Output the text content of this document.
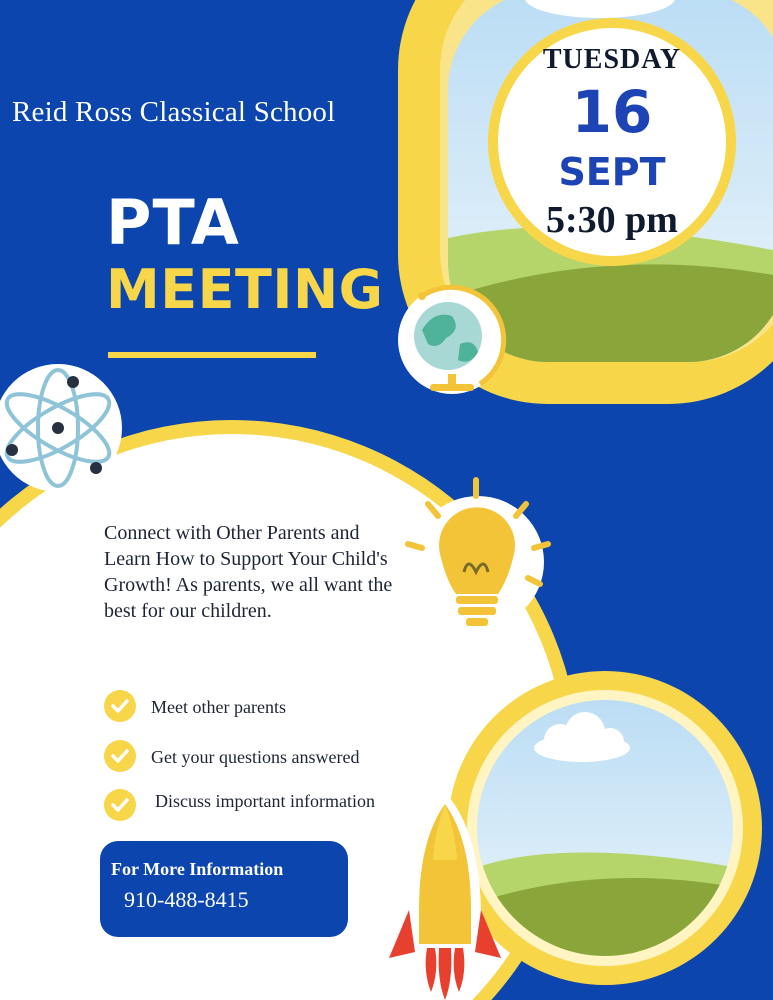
Reid Ross Classical School
PTA
MEETING
TUESDAY
16
SEPT
5:30 pm
Connect with Other Parents and Learn How to Support Your Child's Growth! As parents, we all want the best for our children.
Meet other parents
Get your questions answered
Discuss important information
For More Information
910-488-8415
